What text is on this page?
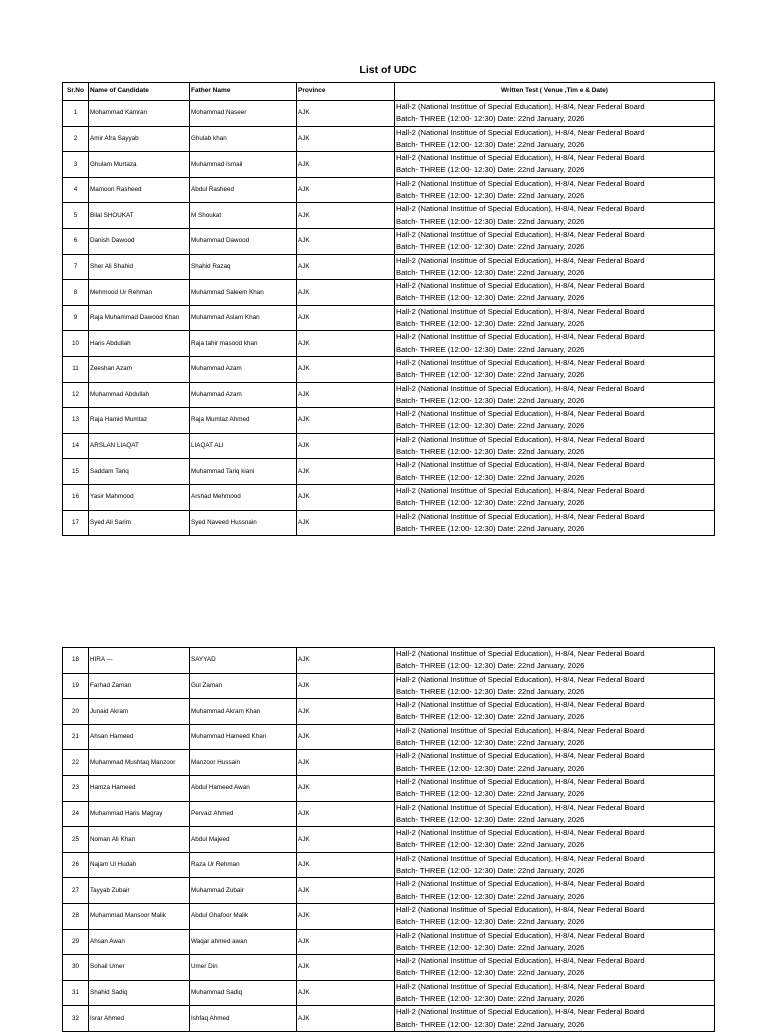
List of UDC
Sr.No	Name of Candidate	Father Name	Province	Written Test ( Venue ,Tim e & Date)
1	Mohammad Kamran	Mohammad Naseer	AJK	Hall-2 (National Instittue of Special Education), H-8/4, Near Federal Board
Batch- THREE (12:00- 12:30) Date: 22nd January, 2026

2	Amir Afra Sayyab	Ghulab khan	AJK	Hall-2 (National Instittue of Special Education), H-8/4, Near Federal Board
Batch- THREE (12:00- 12:30) Date: 22nd January, 2026

3	Ghulam Murtaza	Muhammad Ismail	AJK	Hall-2 (National Instittue of Special Education), H-8/4, Near Federal Board
Batch- THREE (12:00- 12:30) Date: 22nd January, 2026

4	Mamoon Rasheed	Abdul Rasheed	AJK	Hall-2 (National Instittue of Special Education), H-8/4, Near Federal Board
Batch- THREE (12:00- 12:30) Date: 22nd January, 2026

5	Bilal SHOUKAT	M Shoukat	AJK	Hall-2 (National Instittue of Special Education), H-8/4, Near Federal Board
Batch- THREE (12:00- 12:30) Date: 22nd January, 2026

6	Danish Dawood	Muhammad Dawood	AJK	Hall-2 (National Instittue of Special Education), H-8/4, Near Federal Board
Batch- THREE (12:00- 12:30) Date: 22nd January, 2026

7	Sher Ali Shahid	Shahid Razaq	AJK	Hall-2 (National Instittue of Special Education), H-8/4, Near Federal Board
Batch- THREE (12:00- 12:30) Date: 22nd January, 2026

8	Mehmood Ur Rehman	Muhammad Saleem Khan	AJK	Hall-2 (National Instittue of Special Education), H-8/4, Near Federal Board
Batch- THREE (12:00- 12:30) Date: 22nd January, 2026

9	Raja Muhammad Dawood Khan	Muhammad Aslam Khan	AJK	Hall-2 (National Instittue of Special Education), H-8/4, Near Federal Board
Batch- THREE (12:00- 12:30) Date: 22nd January, 2026

10	Haris Abdullah	Raja tahir masood khan	AJK	Hall-2 (National Instittue of Special Education), H-8/4, Near Federal Board
Batch- THREE (12:00- 12:30) Date: 22nd January, 2026

11	Zeeshan Azam	Muhammad Azam	AJK	Hall-2 (National Instittue of Special Education), H-8/4, Near Federal Board
Batch- THREE (12:00- 12:30) Date: 22nd January, 2026

12	Muhammad Abdullah	Muhammad Azam	AJK	Hall-2 (National Instittue of Special Education), H-8/4, Near Federal Board
Batch- THREE (12:00- 12:30) Date: 22nd January, 2026

13	Raja Hamid Mumtaz	Raja Mumtaz Ahmed	AJK	Hall-2 (National Instittue of Special Education), H-8/4, Near Federal Board
Batch- THREE (12:00- 12:30) Date: 22nd January, 2026

14	ARSLAN LIAQAT	LIAQAT ALI	AJK	Hall-2 (National Instittue of Special Education), H-8/4, Near Federal Board
Batch- THREE (12:00- 12:30) Date: 22nd January, 2026

15	Saddam Tariq	Muhammad Tariq kiani	AJK	Hall-2 (National Instittue of Special Education), H-8/4, Near Federal Board
Batch- THREE (12:00- 12:30) Date: 22nd January, 2026

16	Yasir Mahmood	Arshad Mehmood	AJK	Hall-2 (National Instittue of Special Education), H-8/4, Near Federal Board
Batch- THREE (12:00- 12:30) Date: 22nd January, 2026

17	Syed Ali Sarim	Syed Naveed Hussnain	AJK	Hall-2 (National Instittue of Special Education), H-8/4, Near Federal Board
Batch- THREE (12:00- 12:30) Date: 22nd January, 2026
18	HIRA ---	SAYYAD	AJK	Hall-2 (National Instittue of Special Education), H-8/4, Near Federal Board
Batch- THREE (12:00- 12:30) Date: 22nd January, 2026

19	Farhad Zaman	Gul Zaman	AJK	Hall-2 (National Instittue of Special Education), H-8/4, Near Federal Board
Batch- THREE (12:00- 12:30) Date: 22nd January, 2026

20	Junaid Akram	Muhammad Akram Khan	AJK	Hall-2 (National Instittue of Special Education), H-8/4, Near Federal Board
Batch- THREE (12:00- 12:30) Date: 22nd January, 2026

21	Ahsan Hameed	Muhammad Hameed Khan	AJK	Hall-2 (National Instittue of Special Education), H-8/4, Near Federal Board
Batch- THREE (12:00- 12:30) Date: 22nd January, 2026

22	Muhammad Mushtaq Manzoor	Manzoor Hussain	AJK	Hall-2 (National Instittue of Special Education), H-8/4, Near Federal Board
Batch- THREE (12:00- 12:30) Date: 22nd January, 2026

23	Hamza Hameed	Abdul Hameed Awan	AJK	Hall-2 (National Instittue of Special Education), H-8/4, Near Federal Board
Batch- THREE (12:00- 12:30) Date: 22nd January, 2026

24	Muhammad Haris Magray	Pervaiz Ahmed	AJK	Hall-2 (National Instittue of Special Education), H-8/4, Near Federal Board
Batch- THREE (12:00- 12:30) Date: 22nd January, 2026

25	Noman Ali Khan	Abdul Majeed	AJK	Hall-2 (National Instittue of Special Education), H-8/4, Near Federal Board
Batch- THREE (12:00- 12:30) Date: 22nd January, 2026

26	Najam Ul Hudah	Raza Ur Rehman	AJK	Hall-2 (National Instittue of Special Education), H-8/4, Near Federal Board
Batch- THREE (12:00- 12:30) Date: 22nd January, 2026

27	Tayyab Zubair	Muhammad Zubair	AJK	Hall-2 (National Instittue of Special Education), H-8/4, Near Federal Board
Batch- THREE (12:00- 12:30) Date: 22nd January, 2026

28	Muhammad Mansoor Malik	Abdul Ghafoor Malik	AJK	Hall-2 (National Instittue of Special Education), H-8/4, Near Federal Board
Batch- THREE (12:00- 12:30) Date: 22nd January, 2026

29	Ahsan Awan	Waqar ahmed awan	AJK	Hall-2 (National Instittue of Special Education), H-8/4, Near Federal Board
Batch- THREE (12:00- 12:30) Date: 22nd January, 2026

30	Sohail Umer	Umer Din	AJK	Hall-2 (National Instittue of Special Education), H-8/4, Near Federal Board
Batch- THREE (12:00- 12:30) Date: 22nd January, 2026

31	Shahid Sadiq	Muhammad Sadiq	AJK	Hall-2 (National Instittue of Special Education), H-8/4, Near Federal Board
Batch- THREE (12:00- 12:30) Date: 22nd January, 2026

32	Israr Ahmed	Ishfaq Ahmed	AJK	Hall-2 (National Instittue of Special Education), H-8/4, Near Federal Board
Batch- THREE (12:00- 12:30) Date: 22nd January, 2026
